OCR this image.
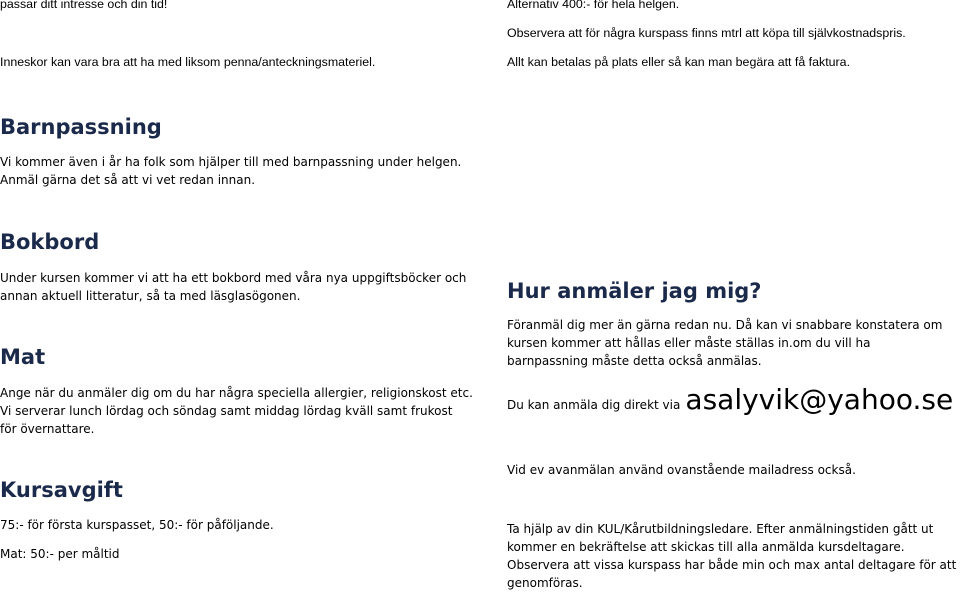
passar ditt intresse och din tid!
Inneskor kan vara bra att ha med liksom penna/anteckningsmateriel.
Barnpassning
Vi kommer även i år ha folk som hjälper till med barnpassning under helgen.
Anmäl gärna det så att vi vet redan innan.
Bokbord

Under kursen kommer vi att ha ett bokbord med våra nya uppgiftsböcker och annan aktuell litteratur, så ta med läsglasögonen.

Mat
Ange när du anmäler dig om du har några speciella allergier, religionskost etc.
Vi serverar lunch lördag och söndag samt middag lördag kväll samt frukost för övernattare.
Kursavgift
75:- för första kurspasset, 50:- för påföljande.
Mat: 50:- per måltid
Alternativ 400:- för hela helgen.
Observera att för några kurspass finns mtrl att köpa till självkostnadspris.
Allt kan betalas på plats eller så kan man begära att få faktura.
Hur anmäler jag mig?

Föranmäl dig mer än gärna redan nu. Då kan vi snabbare konstatera om kursen kommer att hållas eller måste ställas in.om du vill ha barnpassning måste detta också anmälas.

Du kan anmäla dig direkt via asalyvik@yahoo.se
Vid ev avanmälan använd ovanstående mailadress också.

Ta hjälp av din KUL/Kårutbildningsledare. Efter anmälningstiden gått ut kommer en bekräftelse att skickas till alla anmälda kursdeltagare. Observera att vissa kurspass har både min och max antal deltagare för att genomföras.
